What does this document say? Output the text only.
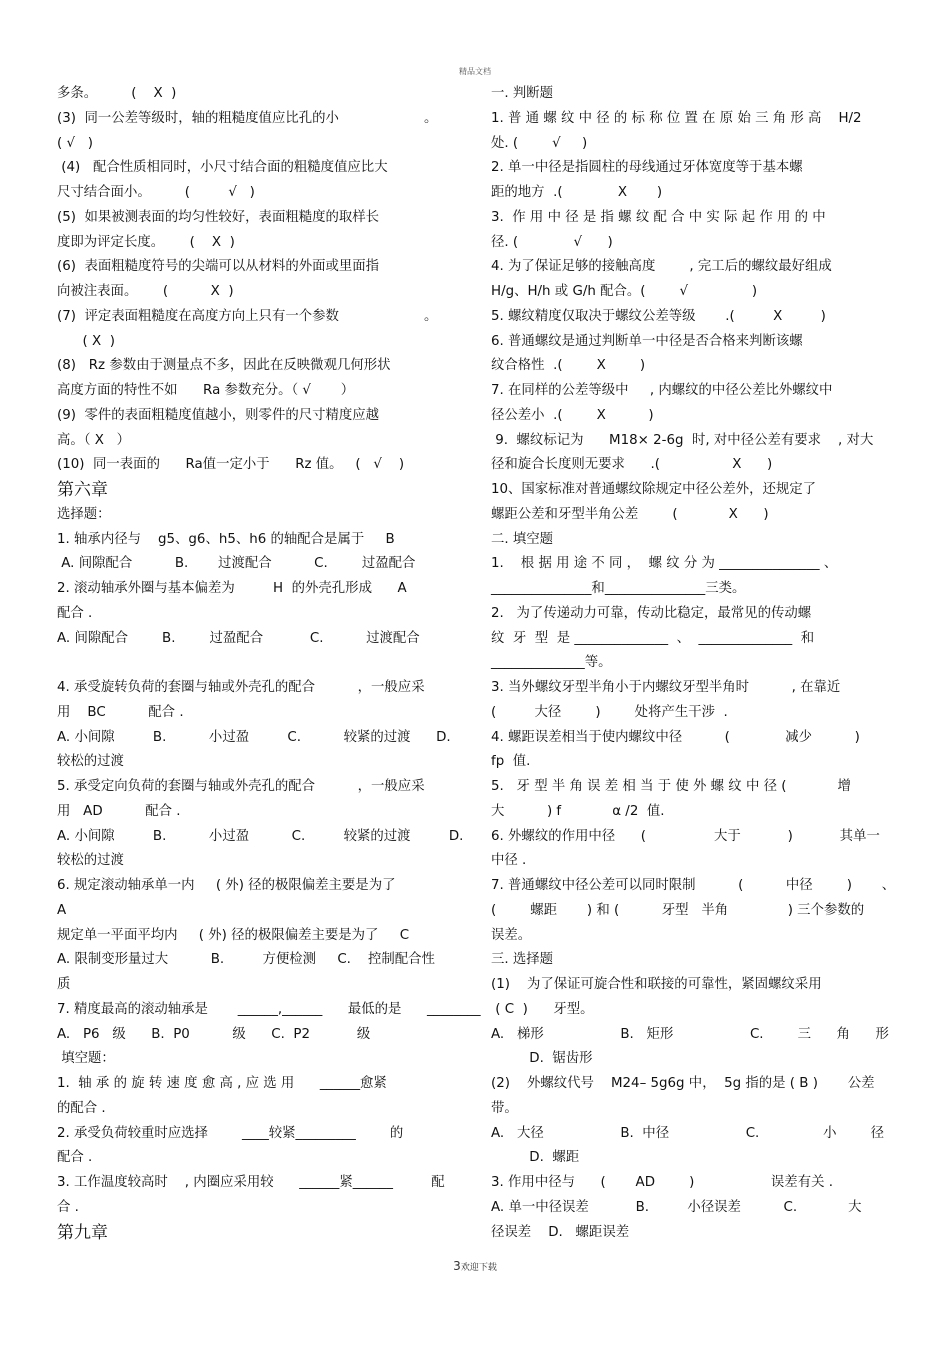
精品文档
多条。        (    X  )
(3)  同一公差等级时，轴的粗糙度值应比孔的小                    。
( √   )
(4)   配合性质相同时，小尺寸结合面的粗糙度值应比大
尺寸结合面小。        (         √   )
(5)  如果被测表面的均匀性较好，表面粗糙度的取样长
度即为评定长度。      (    X  )
(6)  表面粗糙度符号的尖端可以从材料的外面或里面指
向被注表面。      (          X  )
(7)  评定表面粗糙度在高度方向上只有一个参数                    。
( X  )
(8)   Rz 参数由于测量点不多，因此在反映微观几何形状
高度方面的特性不如      Ra 参数充分。（ √       ）
(9)  零件的表面粗糙度值越小，则零件的尺寸精度应越
高。（ X   ）
(10)  同一表面的      Ra值一定小于      Rz 值。   (   √    )
第六章
选择题：
1. 轴承内径与    g5、g6、h5、h6 的轴配合是属于     B
A. 间隙配合          B.       过渡配合          C.        过盈配合
2. 滚动轴承外圈与基本偏差为         H  的外壳孔形成      A
配合 .
A. 间隙配合        B.        过盈配合           C.          过渡配合
4. 承受旋转负荷的套圈与轴或外壳孔的配合          ，一般应采
用    BC          配合 .
A. 小间隙         B.          小过盈         C.          较紧的过渡      D.
较松的过渡
5. 承受定向负荷的套圈与轴或外壳孔的配合          ，一般应采
用   AD          配合 .
A. 小间隙         B.          小过盈          C.         较紧的过渡         D.
较松的过渡
6. 规定滚动轴承单一内     ( 外) 径的极限偏差主要是为了
A
规定单一平面平均内     ( 外) 径的极限偏差主要是为了     C
A. 限制变形量过大          B.         方便检测     C.    控制配合性
质
7. 精度最高的滚动轴承是       ______,______      最低的是      ________
A.   P6   级      B.  P0          级      C.  P2           级
填空题：
1.  轴 承 的 旋 转 速 度 愈 高 , 应 选 用      ______愈紧
的配合 .
2. 承受负荷较重时应选择        ____较紧_________        的
配合 .
3. 工作温度较高时    , 内圈应采用较      ______紧______         配
合 .
第九章
一. 判断题
1. 普 通 螺 纹 中 径 的 标 称 位 置 在 原 始 三 角 形 高    H/2
处. (        √     )
2. 单一中径是指圆柱的母线通过牙体宽度等于基本螺
距的地方  .(             X       )
3.  作 用 中 径 是 指 螺 纹 配 合 中 实 际 起 作 用 的 中
径. (             √      )
4. 为了保证足够的接触高度        , 完工后的螺纹最好组成
H/g、H/h 或 G/h 配合。(        √               )
5. 螺纹精度仅取决于螺纹公差等级       .(         X         )
6. 普通螺纹是通过判断单一中径是否合格来判断该螺
纹合格性  .(        X        )
7. 在同样的公差等级中     , 内螺纹的中径公差比外螺纹中
径公差小  .(        X          )
9.  螺纹标记为      M18× 2-6g  时, 对中径公差有要求    , 对大
径和旋合长度则无要求      .(                 X      )
10、国家标准对普通螺纹除规定中径公差外，还规定了
螺距公差和牙型半角公差        (            X      )
二. 填空题
1.    根 据 用 途 不 同 ，  螺 纹 分 为 _______________ 、
_______________和_______________三类。
2.   为了传递动力可靠，传动比稳定，最常见的传动螺
纹  牙  型  是 ______________  、  ______________  和
______________等。
3. 当外螺纹牙型半角小于内螺纹牙型半角时          , 在靠近
(         大径        )        处将产生干涉  .
4. 螺距误差相当于使内螺纹中径          (             减少          )
fp  值.
5.   牙 型 半 角 误 差 相 当 于 使 外 螺 纹 中 径 (            增
大          ) f            α /2  值.
6. 外螺纹的作用中径      (                大于           )           其单一
中径 .
7. 普通螺纹中径公差可以同时限制          (          中径        )       、
(        螺距       ) 和 (          牙型   半角              ) 三个参数的
误差。
三. 选择题
(1)    为了保证可旋合性和联接的可靠性，紧固螺纹采用
( C  )      牙型。
A.   梯形                  B.   矩形                  C.        三      角      形
D.  锯齿形
(2)    外螺纹代号    M24– 5g6g 中，  5g 指的是 ( B )       公差
带。
A.   大径                  B.  中径                  C.               小        径
D.  螺距
3. 作用中径与      (       AD        )                  误差有关 .
A. 单一中径误差           B.         小径误差          C.            大
径误差    D.   螺距误差
3欢迎下载
